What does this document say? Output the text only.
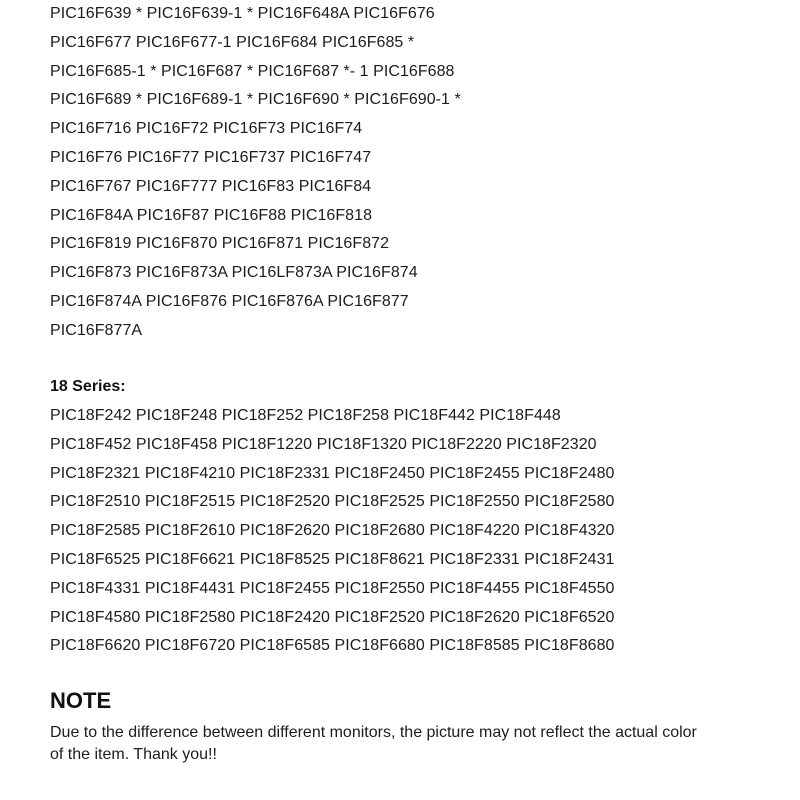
PIC16F639 * PIC16F639-1 * PIC16F648A PIC16F676
PIC16F677 PIC16F677-1 PIC16F684 PIC16F685 *
PIC16F685-1 * PIC16F687 * PIC16F687 *- 1 PIC16F688
PIC16F689 * PIC16F689-1 * PIC16F690 * PIC16F690-1 *
PIC16F716 PIC16F72 PIC16F73 PIC16F74
PIC16F76 PIC16F77 PIC16F737 PIC16F747
PIC16F767 PIC16F777 PIC16F83 PIC16F84
PIC16F84A PIC16F87 PIC16F88 PIC16F818
PIC16F819 PIC16F870 PIC16F871 PIC16F872
PIC16F873 PIC16F873A PIC16LF873A PIC16F874
PIC16F874A PIC16F876 PIC16F876A PIC16F877
PIC16F877A
18 Series:
PIC18F242 PIC18F248 PIC18F252 PIC18F258 PIC18F442 PIC18F448
PIC18F452 PIC18F458 PIC18F1220 PIC18F1320 PIC18F2220 PIC18F2320
PIC18F2321 PIC18F4210 PIC18F2331 PIC18F2450 PIC18F2455 PIC18F2480
PIC18F2510 PIC18F2515 PIC18F2520 PIC18F2525 PIC18F2550 PIC18F2580
PIC18F2585 PIC18F2610 PIC18F2620 PIC18F2680 PIC18F4220 PIC18F4320
PIC18F6525 PIC18F6621 PIC18F8525 PIC18F8621 PIC18F2331 PIC18F2431
PIC18F4331 PIC18F4431 PIC18F2455 PIC18F2550 PIC18F4455 PIC18F4550
PIC18F4580 PIC18F2580 PIC18F2420 PIC18F2520 PIC18F2620 PIC18F6520
PIC18F6620 PIC18F6720 PIC18F6585 PIC18F6680 PIC18F8585 PIC18F8680
NOTE
Due to the difference between different monitors, the picture may not reflect the actual color of the item. Thank you!!
